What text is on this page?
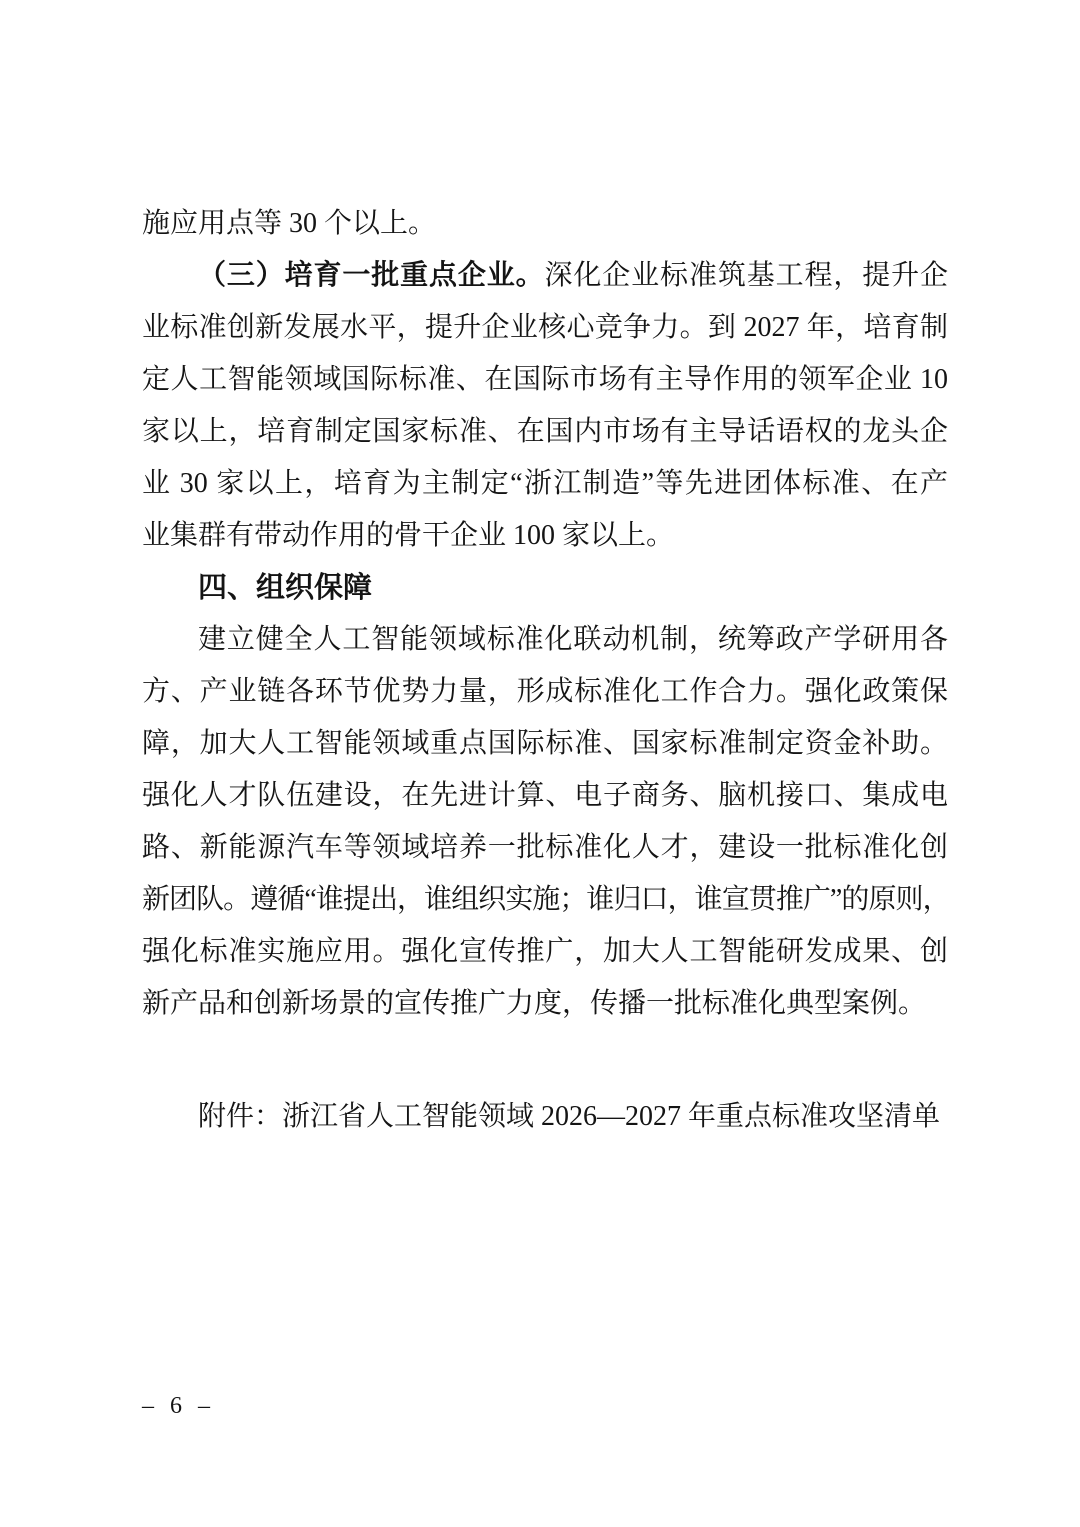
施应用点等 30 个以上。
（三）培育一批重点企业。深化企业标准筑基工程，提升企
业标准创新发展水平，提升企业核心竞争力。到 2027 年，培育制
定人工智能领域国际标准、在国际市场有主导作用的领军企业 10
家以上，培育制定国家标准、在国内市场有主导话语权的龙头企
业 30 家以上，培育为主制定“浙江制造”等先进团体标准、在产
业集群有带动作用的骨干企业 100 家以上。
四、组织保障
建立健全人工智能领域标准化联动机制，统筹政产学研用各
方、产业链各环节优势力量，形成标准化工作合力。强化政策保
障，加大人工智能领域重点国际标准、国家标准制定资金补助。
强化人才队伍建设，在先进计算、电子商务、脑机接口、集成电
路、新能源汽车等领域培养一批标准化人才，建设一批标准化创
新团队。遵循“谁提出，谁组织实施；谁归口，谁宣贯推广”的原则，
强化标准实施应用。强化宣传推广，加大人工智能研发成果、创
新产品和创新场景的宣传推广力度，传播一批标准化典型案例。
附件：浙江省人工智能领域 2026—2027 年重点标准攻坚清单
– 6 –
